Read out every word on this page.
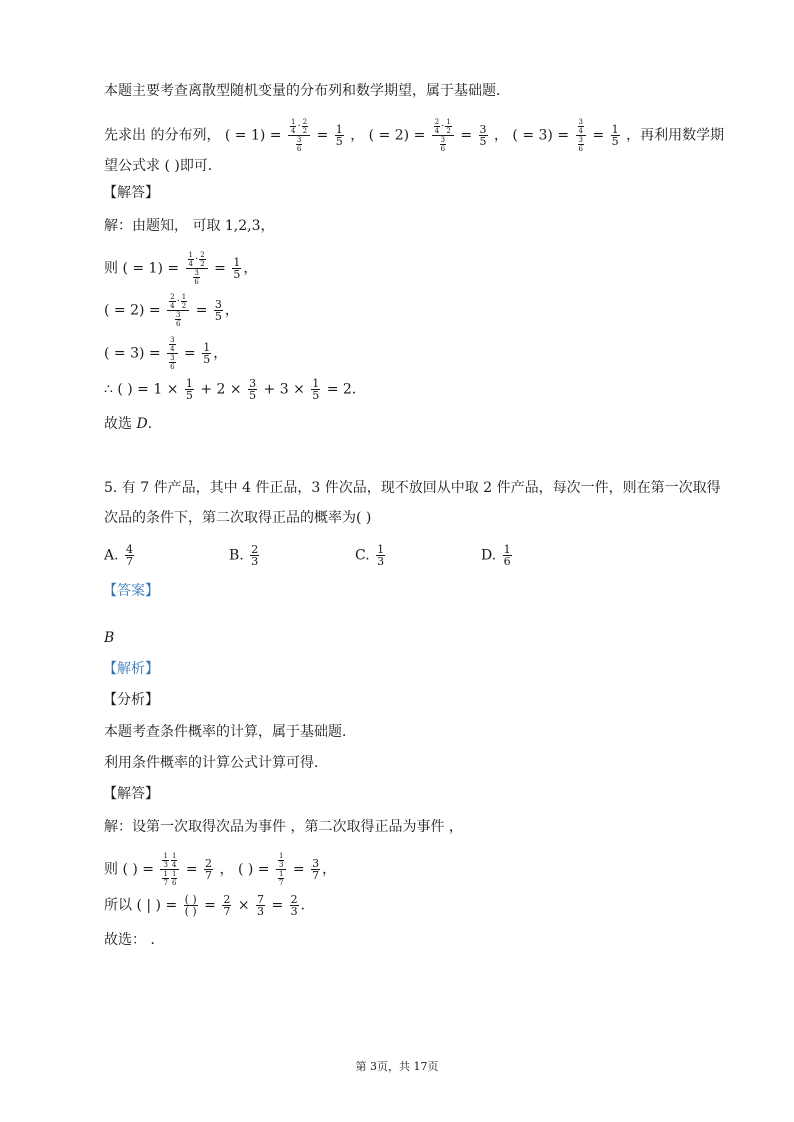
本题主要考查离散型随机变量的分布列和数学期望，属于基础题．
先求出 的分布列， ( = $1) = \frac{\frac{1}{4} \cdot \frac{2}{2}}{\frac{3}{6}} = \frac{1}{5}$ ， ( = $2) = \frac{\frac{2}{4} \cdot \frac{1}{2}}{\frac{3}{6}} = \frac{3}{5}$ ， ( = $3) = \frac{\frac{3}{4}}{\frac{3}{6}} = \frac{1}{5}$ ，再利用数学期
望公式求 ( )即可．
【解答】
解：由题知， 可取 1,2,3，
则 ( = $1) = \frac{\frac{1}{4} \cdot \frac{2}{2}}{\frac{3}{6}} = \frac{1}{5}$ ，
( = $2) = \frac{\frac{2}{4} \cdot \frac{1}{2}}{\frac{3}{6}} = \frac{3}{5}$ ，
( = $3) = \frac{\frac{3}{4}}{\frac{3}{6}} = \frac{1}{5}$ ，
∴ ( ) = $1 \times \frac{1}{5} + 2 \times \frac{3}{5} + 3 \times \frac{1}{5} = 2$．
故选 D．
5. 有 7 件产品，其中 4 件正品，3 件次品，现不放回从中取 2 件产品，每次一件，则在第一次取得
次品的条件下，第二次取得正品的概率为( )
A. $\frac{4}{7}$	B. $\frac{2}{3}$	C. $\frac{1}{3}$	D. $\frac{1}{6}$
【答案】
B
【解析】
【分析】
本题考查条件概率的计算，属于基础题．
利用条件概率的计算公式计算可得．
【解答】
解：设第一次取得次品为事件 ，第二次取得正品为事件 ，
则 ( ) = $\frac{\frac{1}{3} \frac{1}{4}}{\frac{1}{7} \frac{1}{6}} = \frac{2}{7}$ ， ( ) = $\frac{\frac{1}{3}}{\frac{1}{7}} = \frac{3}{7}$ ，
所以 ( | ) = $\frac{( )}{( )} = \frac{2}{7} \times \frac{7}{3} = \frac{2}{3}$ ．
故选： ．
第 3页，共 17页
